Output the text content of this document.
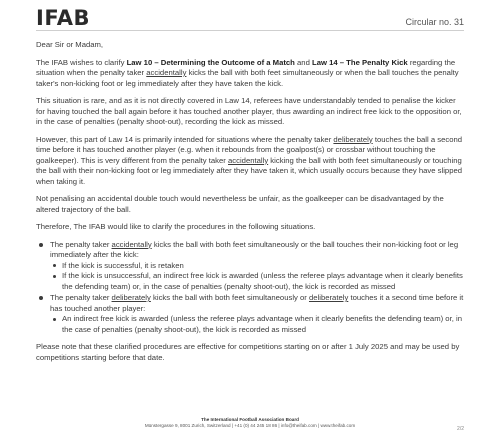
IFAB	Circular no. 31

Dear Sir or Madam,

The IFAB wishes to clarify Law 10 – Determining the Outcome of a Match and Law 14 – The Penalty Kick regarding the situation when the penalty taker accidentally kicks the ball with both feet simultaneously or when the ball touches the penalty taker's non-kicking foot or leg immediately after they have taken the kick.

This situation is rare, and as it is not directly covered in Law 14, referees have understandably tended to penalise the kicker for having touched the ball again before it has touched another player, thus awarding an indirect free kick to the opposition or, in the case of penalties (penalty shoot-out), recording the kick as missed.

However, this part of Law 14 is primarily intended for situations where the penalty taker deliberately touches the ball a second time before it has touched another player (e.g. when it rebounds from the goalpost(s) or crossbar without touching the goalkeeper). This is very different from the penalty taker accidentally kicking the ball with both feet simultaneously or touching the ball with their non-kicking foot or leg immediately after they have taken it, which usually occurs because they have slipped when taking it.

Not penalising an accidental double touch would nevertheless be unfair, as the goalkeeper can be disadvantaged by the altered trajectory of the ball.

Therefore, The IFAB would like to clarify the procedures in the following situations.

The penalty taker accidentally kicks the ball with both feet simultaneously or the ball touches their non-kicking foot or leg immediately after the kick:
If the kick is successful, it is retaken
If the kick is unsuccessful, an indirect free kick is awarded (unless the referee plays advantage when it clearly benefits the defending team) or, in the case of penalties (penalty shoot-out), the kick is recorded as missed
The penalty taker deliberately kicks the ball with both feet simultaneously or deliberately touches it a second time before it has touched another player:
An indirect free kick is awarded (unless the referee plays advantage when it clearly benefits the defending team) or, in the case of penalties (penalty shoot-out), the kick is recorded as missed

Please note that these clarified procedures are effective for competitions starting on or after 1 July 2025 and may be used by competitions starting before that date.

The International Football Association Board
Münstergasse 9, 8001 Zurich, Switzerland | +41 (0) 44 245 18 86 | info@theifab.com | www.theifab.com
2/2
